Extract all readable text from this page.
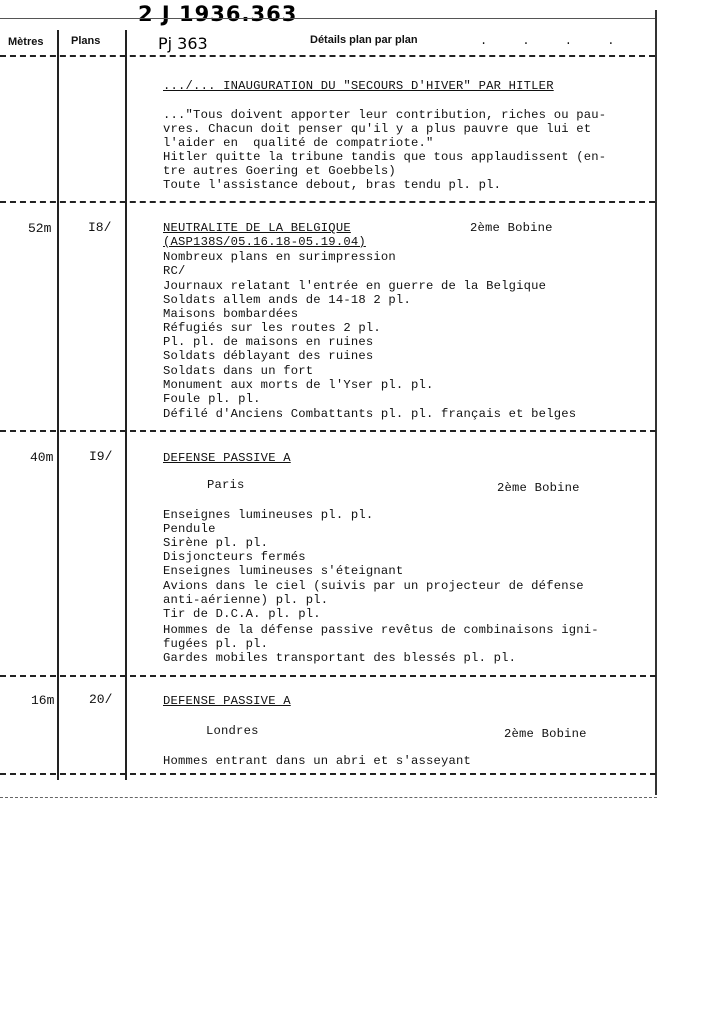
2 J 1936.363
Mètres	Plans	Pj 363	Détails plan par plan	. . . .
.../... INAUGURATION DU "SECOURS D'HIVER" PAR HITLER
..."Tous doivent apporter leur contribution, riches ou pau-
vres. Chacun doit penser qu'il y a plus pauvre que lui et
l'aider en  qualité de compatriote."
Hitler quitte la tribune tandis que tous applaudissent (en-
tre autres Goering et Goebbels)
Toute l'assistance debout, bras tendu pl. pl.
52m	I8/	NEUTRALITE DE LA BELGIQUE	2ème Bobine
(ASP138S/05.16.18-05.19.04)
Nombreux plans en surimpression
RC/
Journaux relatant l'entrée en guerre de la Belgique
Soldats allem ands de 14-18 2 pl.
Maisons bombardées
Réfugiés sur les routes 2 pl.
Pl. pl. de maisons en ruines
Soldats déblayant des ruines
Soldats dans un fort
Monument aux morts de l'Yser pl. pl.
Foule pl. pl.
Défilé d'Anciens Combattants pl. pl. français et belges
40m	I9/	DEFENSE PASSIVE A
Paris	2ème Bobine
Enseignes lumineuses pl. pl.
Pendule
Sirène pl. pl.
Disjoncteurs fermés
Enseignes lumineuses s'éteignant
Avions dans le ciel (suivis par un projecteur de défense
anti-aérienne) pl. pl.
Tir de D.C.A. pl. pl.
Hommes de la défense passive revêtus de combinaisons igni-
fugées pl. pl.
Gardes mobiles transportant des blessés pl. pl.
16m	20/	DEFENSE PASSIVE A
Londres	2ème Bobine
Hommes entrant dans un abri et s'asseyant
